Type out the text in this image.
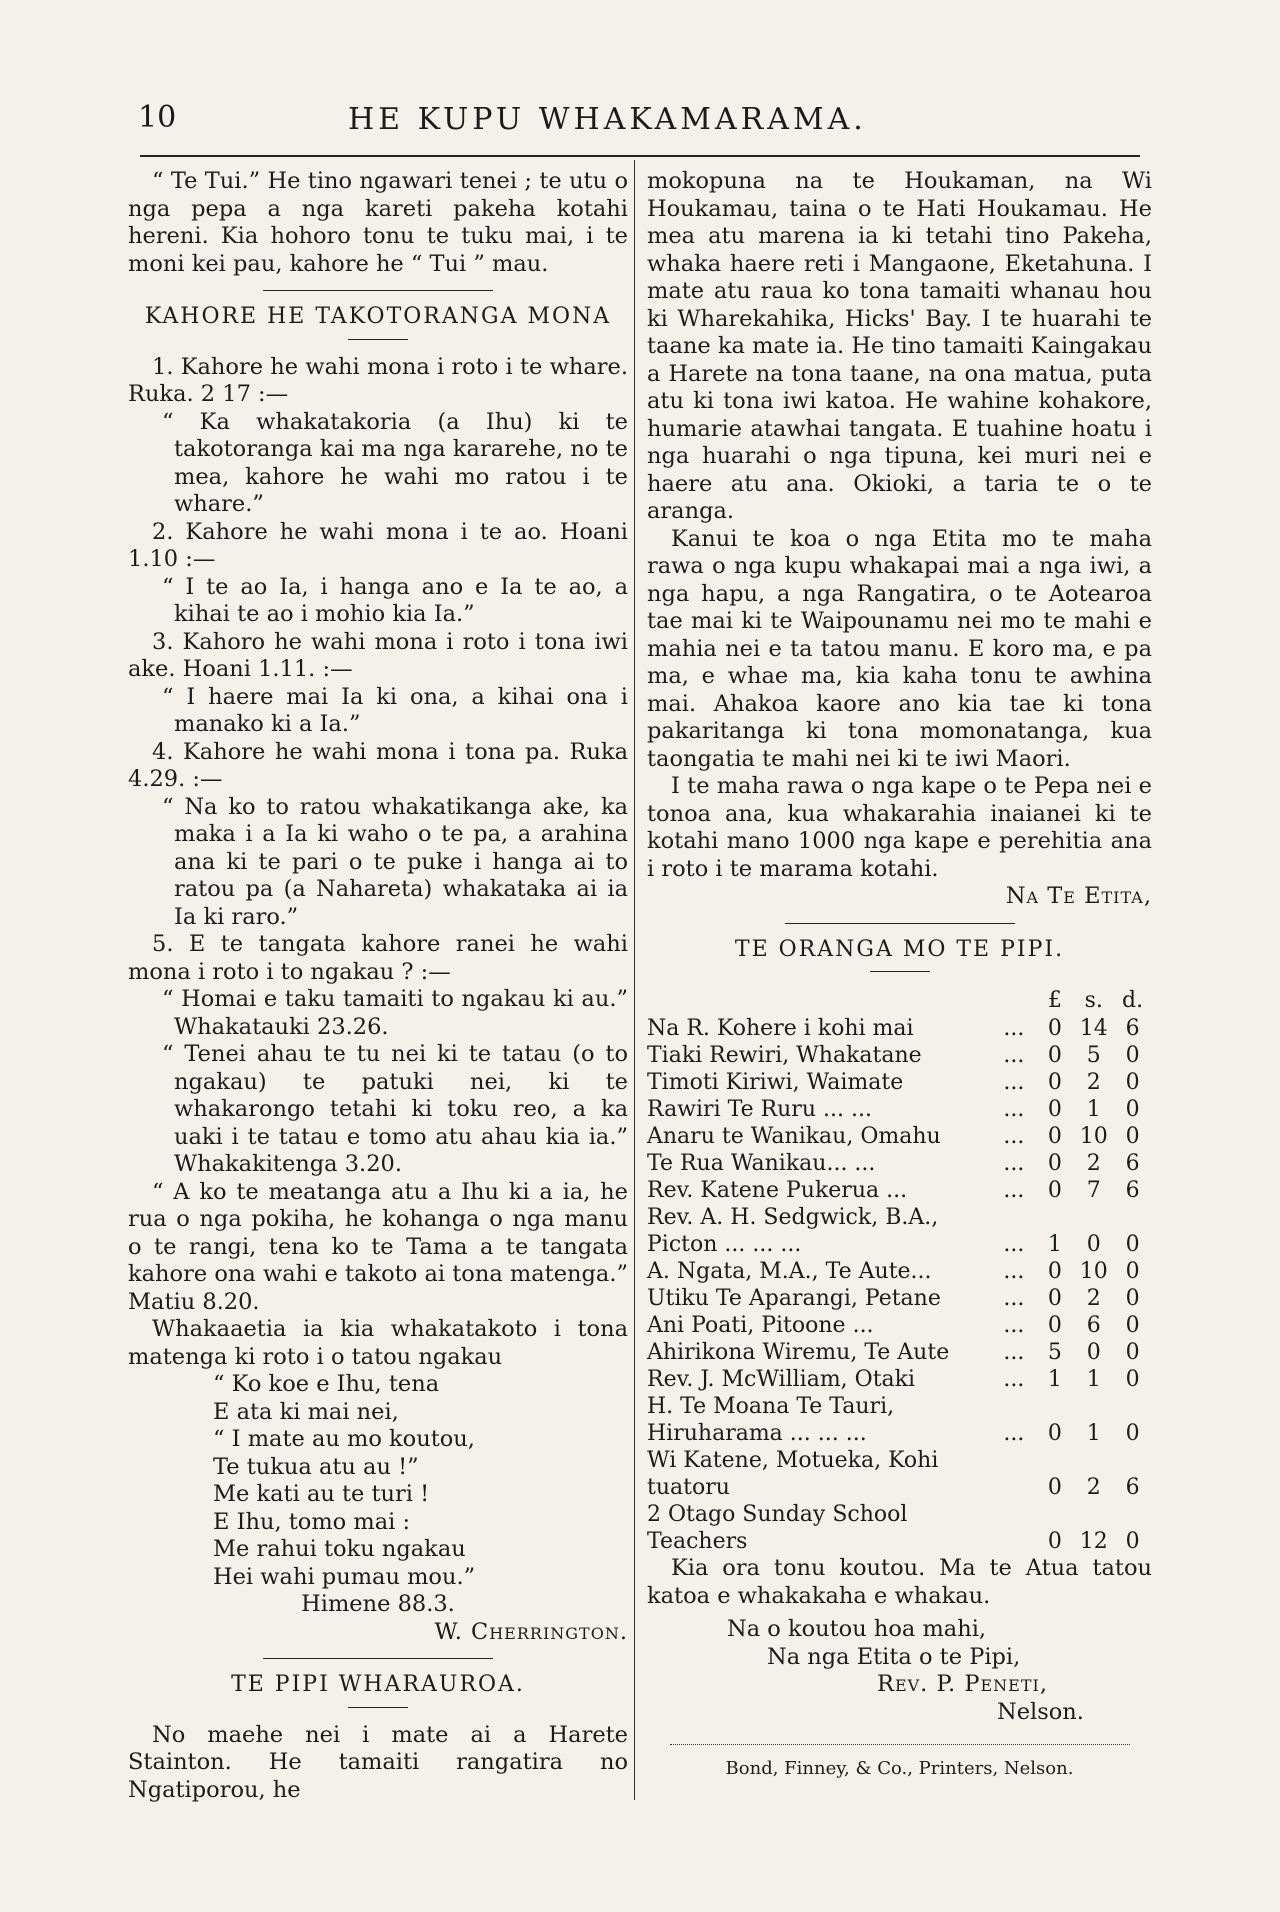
10	HE KUPU WHAKAMARAMA.

“ Te Tui.” He tino ngawari tenei ; te utu o nga pepa a nga kareti pakeha kotahi hereni. Kia hohoro tonu te tuku mai, i te moni kei pau, kahore he “ Tui ” mau.

KAHORE HE TAKOTORANGA MONA

1. Kahore he wahi mona i roto i te whare. Ruka. 2 17 :—

“ Ka whakatakoria (a Ihu) ki te takotoranga kai ma nga kararehe, no te mea, kahore he wahi mo ratou i te whare.”

2. Kahore he wahi mona i te ao. Hoani 1.10 :—

“ I te ao Ia, i hanga ano e Ia te ao, a kihai te ao i mohio kia Ia.”

3. Kahoro he wahi mona i roto i tona iwi ake. Hoani 1.11. :—

“ I haere mai Ia ki ona, a kihai ona i manako ki a Ia.”

4. Kahore he wahi mona i tona pa. Ruka 4.29. :—

“ Na ko to ratou whakatikanga ake, ka maka i a Ia ki waho o te pa, a arahina ana ki te pari o te puke i hanga ai to ratou pa (a Nahareta) whakataka ai ia Ia ki raro.”

5. E te tangata kahore ranei he wahi mona i roto i to ngakau ? :—

“ Homai e taku tamaiti to ngakau ki au.” Whakatauki 23.26.

“ Tenei ahau te tu nei ki te tatau (o to ngakau) te patuki nei, ki te whakarongo tetahi ki toku reo, a ka uaki i te tatau e tomo atu ahau kia ia.” Whakakitenga 3.20.

“ A ko te meatanga atu a Ihu ki a ia, he rua o nga pokiha, he kohanga o nga manu o te rangi, tena ko te Tama a te tangata kahore ona wahi e takoto ai tona matenga.” Matiu 8.20.

Whakaaetia ia kia whakatakoto i tona matenga ki roto i o tatou ngakau

“ Ko koe e Ihu, tena
E ata ki mai nei,
“ I mate au mo koutou,
Te tukua atu au !”
Me kati au te turi !
E Ihu, tomo mai :
Me rahui toku ngakau
Hei wahi pumau mou.”

Himene 88.3.

W. Cherrington.

TE PIPI WHARAUROA.

No maehe nei i mate ai a Harete Stainton. He tamaiti rangatira no Ngatiporou, he

mokopuna na te Houkaman, na Wi Houkamau, taina o te Hati Houkamau. He mea atu marena ia ki tetahi tino Pakeha, whaka haere reti i Mangaone, Eketahuna. I mate atu raua ko tona tamaiti whanau hou ki Wharekahika, Hicks' Bay. I te huarahi te taane ka mate ia. He tino tamaiti Kaingakau a Harete na tona taane, na ona matua, puta atu ki tona iwi katoa. He wahine kohakore, humarie atawhai tangata. E tuahine hoatu i nga huarahi o nga tipuna, kei muri nei e haere atu ana. Okioki, a taria te o te aranga.

Kanui te koa o nga Etita mo te maha rawa o nga kupu whakapai mai a nga iwi, a nga hapu, a nga Rangatira, o te Aotearoa tae mai ki te Waipounamu nei mo te mahi e mahia nei e ta tatou manu. E koro ma, e pa ma, e whae ma, kia kaha tonu te awhina mai. Ahakoa kaore ano kia tae ki tona pakaritanga ki tona momonatanga, kua taongatia te mahi nei ki te iwi Maori.

I te maha rawa o nga kape o te Pepa nei e tonoa ana, kua whakarahia inaianei ki te kotahi mano 1000 nga kape e perehitia ana i roto i te marama kotahi.

Na Te Etita,

TE ORANGA MO TE PIPI.

		£	s.	d.
Na R. Kohere i kohi mai	...	0	14	6
Tiaki Rewiri, Whakatane	...	0	5	0
Timoti Kiriwi, Waimate	...	0	2	0
Rawiri Te Ruru ... ...	...	0	1	0
Anaru te Wanikau, Omahu	...	0	10	0
Te Rua Wanikau... ...	...	0	2	6
Rev. Katene Pukerua ...	...	0	7	6
Rev. A. H. Sedgwick, B.A., Picton ... ... ...	...	1	0	0
A. Ngata, M.A., Te Aute...	...	0	10	0
Utiku Te Aparangi, Petane	...	0	2	0
Ani Poati, Pitoone ...	...	0	6	0
Ahirikona Wiremu, Te Aute	...	5	0	0
Rev. J. McWilliam, Otaki	...	1	1	0
H. Te Moana Te Tauri, Hiruharama ... ... ...	...	0	1	0
Wi Katene, Motueka, Kohi tuatoru		0	2	6
2 Otago Sunday School Teachers		0	12	0

Kia ora tonu koutou. Ma te Atua tatou katoa e whakakaha e whakau.

Na o koutou hoa mahi,

Na nga Etita o te Pipi,

Rev. P. Peneti,

Nelson.

Bond, Finney, & Co., Printers, Nelson.
